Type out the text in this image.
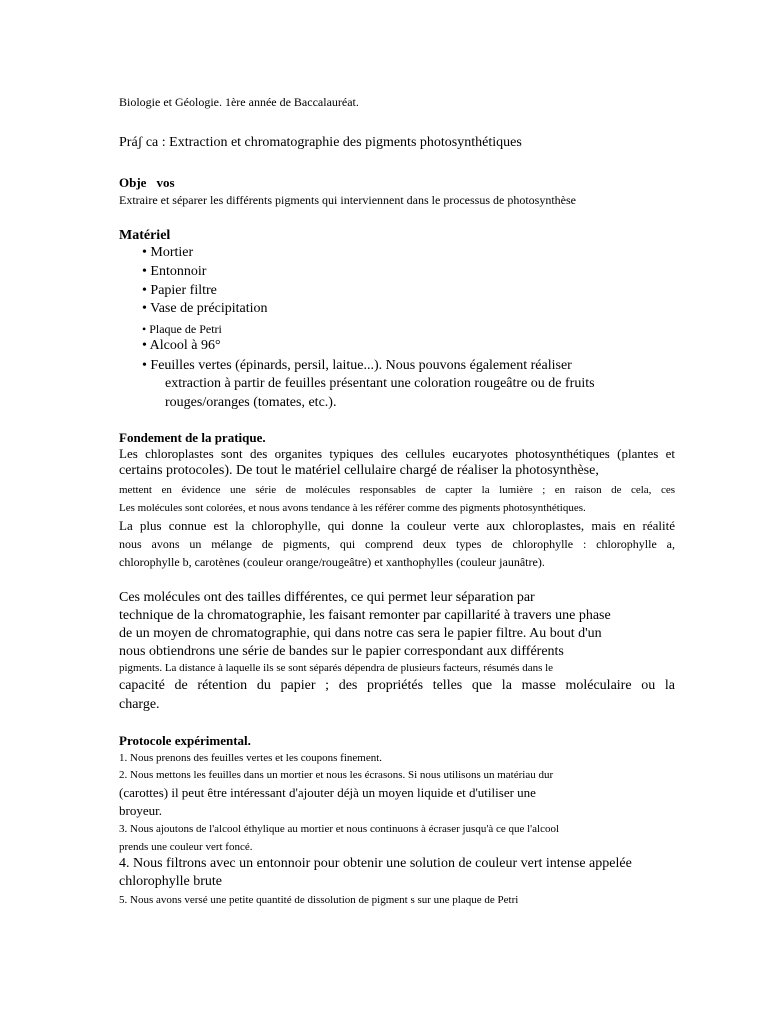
Biologie et Géologie. 1ère année de Baccalauréat.

Práʃ ca : Extraction et chromatographie des pigments photosynthétiques

Obje vos

Extraire et séparer les différents pigments qui interviennent dans le processus de photosynthèse

Matériel

• Mortier

• Entonnoir

• Papier filtre

• Vase de précipitation

• Plaque de Petri

• Alcool à 96°

• Feuilles vertes (épinards, persil, laitue...). Nous pouvons également réaliser

extraction à partir de feuilles présentant une coloration rougeâtre ou de fruits

rouges/oranges (tomates, etc.).

Fondement de la pratique.

Les chloroplastes sont des organites typiques des cellules eucaryotes photosynthétiques (plantes et

certains protocoles). De tout le matériel cellulaire chargé de réaliser la photosynthèse,

mettent en évidence une série de molécules responsables de capter la lumière ; en raison de cela, ces

Les molécules sont colorées, et nous avons tendance à les référer comme des pigments photosynthétiques.

La plus connue est la chlorophylle, qui donne la couleur verte aux chloroplastes, mais en réalité

nous avons un mélange de pigments, qui comprend deux types de chlorophylle : chlorophylle a,

chlorophylle b, carotènes (couleur orange/rougeâtre) et xanthophylles (couleur jaunâtre).

Ces molécules ont des tailles différentes, ce qui permet leur séparation par

technique de la chromatographie, les faisant remonter par capillarité à travers une phase

de un moyen de chromatographie, qui dans notre cas sera le papier filtre. Au bout d'un

nous obtiendrons une série de bandes sur le papier correspondant aux différents

pigments. La distance à laquelle ils se sont séparés dépendra de plusieurs facteurs, résumés dans le

capacité de rétention du papier ; des propriétés telles que la masse moléculaire ou la

charge.

Protocole expérimental.

1. Nous prenons des feuilles vertes et les coupons finement.

2. Nous mettons les feuilles dans un mortier et nous les écrasons. Si nous utilisons un matériau dur

(carottes) il peut être intéressant d'ajouter déjà un moyen liquide et d'utiliser une

broyeur.

3. Nous ajoutons de l'alcool éthylique au mortier et nous continuons à écraser jusqu'à ce que l'alcool

prends une couleur vert foncé.

4. Nous filtrons avec un entonnoir pour obtenir une solution de couleur vert intense appelée

chlorophylle brute

5. Nous avons versé une petite quantité de dissolution de pigment s sur une plaque de Petri
